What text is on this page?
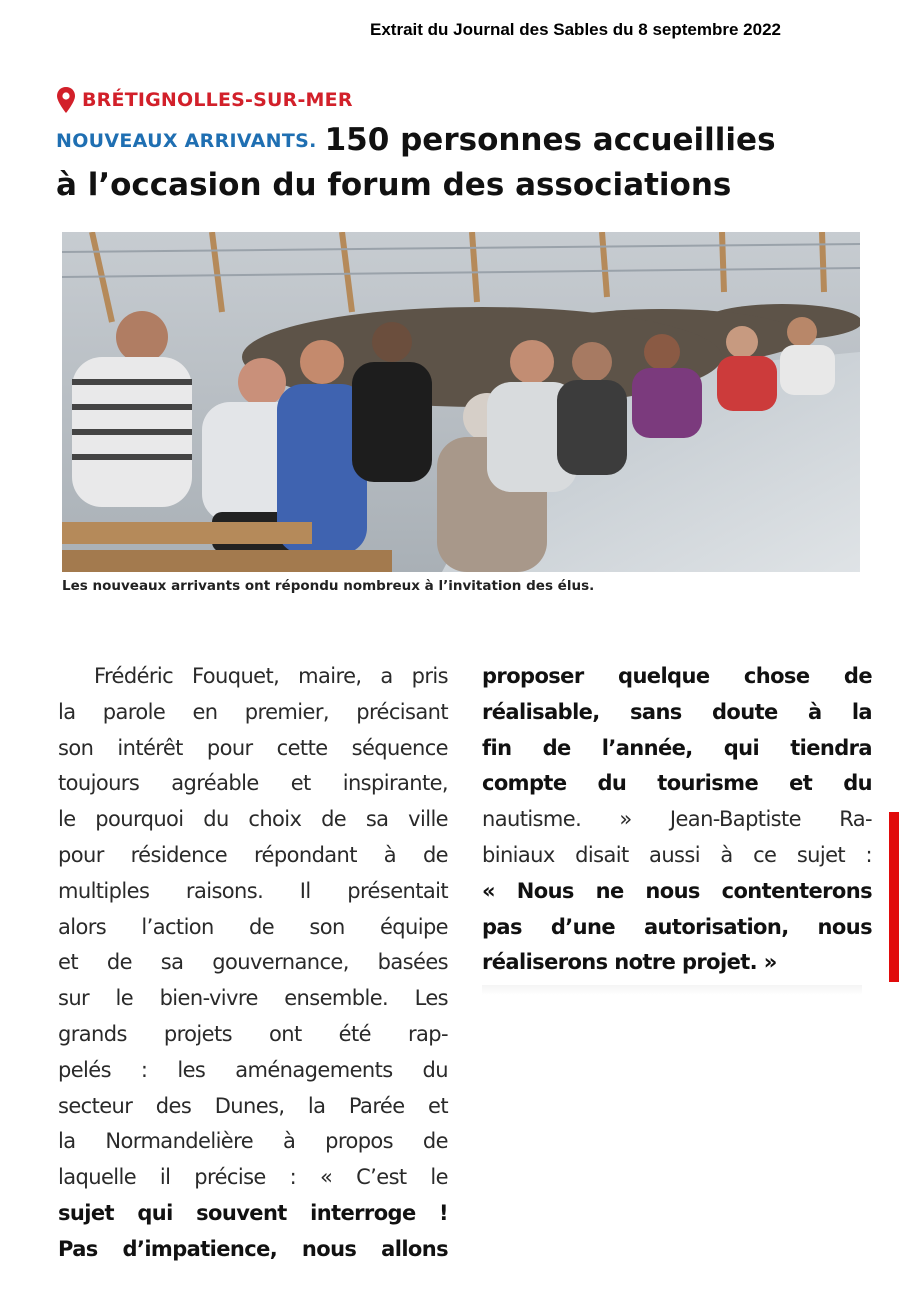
Extrait du Journal des Sables du 8 septembre 2022
BRÉTIGNOLLES-SUR-MER
NOUVEAUX ARRIVANTS. 150 personnes accueillies
à l’occasion du forum des associations
Les nouveaux arrivants ont répondu nombreux à l’invitation des élus.
Frédéric Fouquet, maire, a pris
la parole en premier, précisant
son intérêt pour cette séquence
toujours agréable et inspirante,
le pourquoi du choix de sa ville
pour résidence répondant à de
multiples raisons. Il présentait
alors l’action de son équipe
et de sa gouvernance, basées
sur le bien-vivre ensemble. Les
grands projets ont été rap-
pelés : les aménagements du
secteur des Dunes, la Parée et
la Normandelière à propos de
laquelle il précise : « C’est le
sujet qui souvent interroge !
Pas d’impatience, nous allons
proposer quelque chose de
réalisable, sans doute à la
fin de l’année, qui tiendra
compte du tourisme et du
nautisme. » Jean-Baptiste Ra-
biniaux disait aussi à ce sujet :
« Nous ne nous contenterons
pas d’une autorisation, nous
réaliserons notre projet. »
